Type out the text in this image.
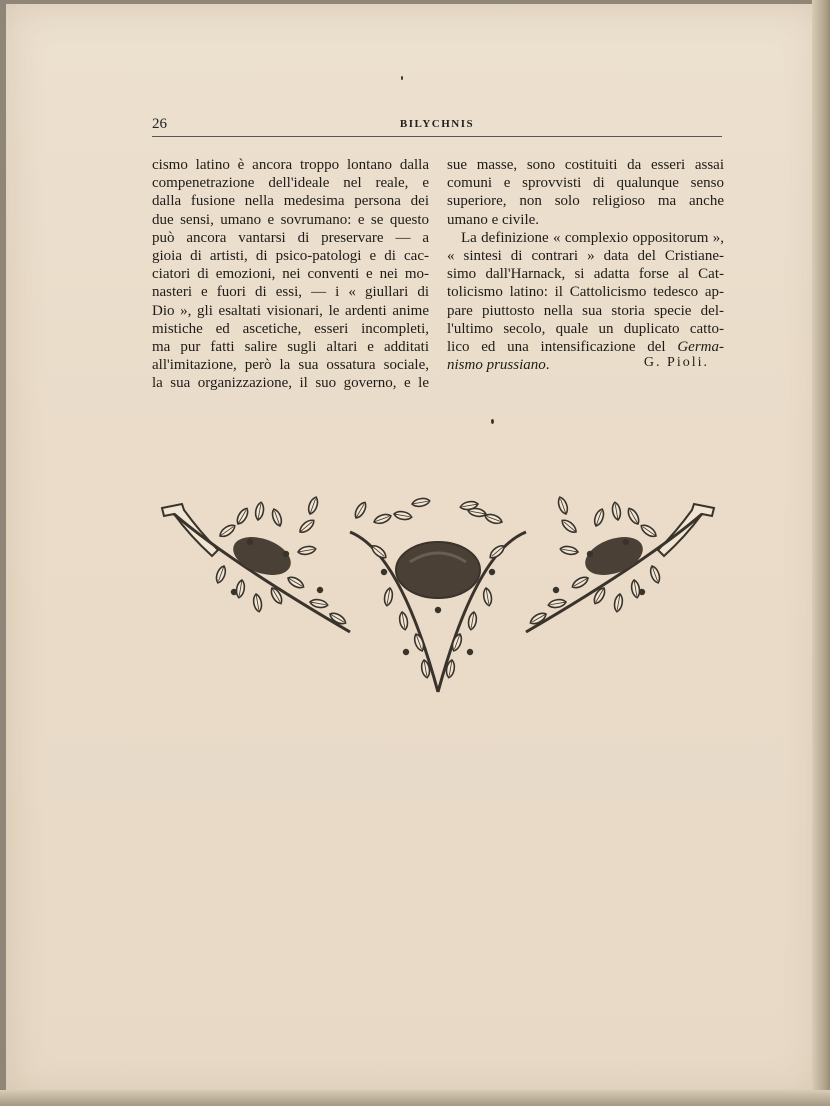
26	BILYCHNIS
cismo latino è ancora troppo lontano dalla
compenetrazione dell'ideale nel reale, e
dalla fusione nella medesima persona dei
due sensi, umano e sovrumano: e se questo
può ancora vantarsi di preservare — a
gioia di artisti, di psico-patologi e di cac-
ciatori di emozioni, nei conventi e nei mo-
nasteri e fuori di essi, — i « giullari di
Dio », gli esaltati visionari, le ardenti anime
mistiche ed ascetiche, esseri incompleti,
ma pur fatti salire sugli altari e additati
all'imitazione, però la sua ossatura sociale,
la sua organizzazione, il suo governo, e le
sue masse, sono costituiti da esseri assai
comuni e sprovvisti di qualunque senso
superiore, non solo religioso ma anche
umano e civile.
La definizione « complexio oppositorum »,
« sintesi di contrari » data del Cristiane-
simo dall'Harnack, si adatta forse al Cat-
tolicismo latino: il Cattolicismo tedesco ap-
pare piuttosto nella sua storia specie del-
l'ultimo secolo, quale un duplicato catto-
lico ed una intensificazione del Germa-
nismo prussiano.	G. Pioli.
